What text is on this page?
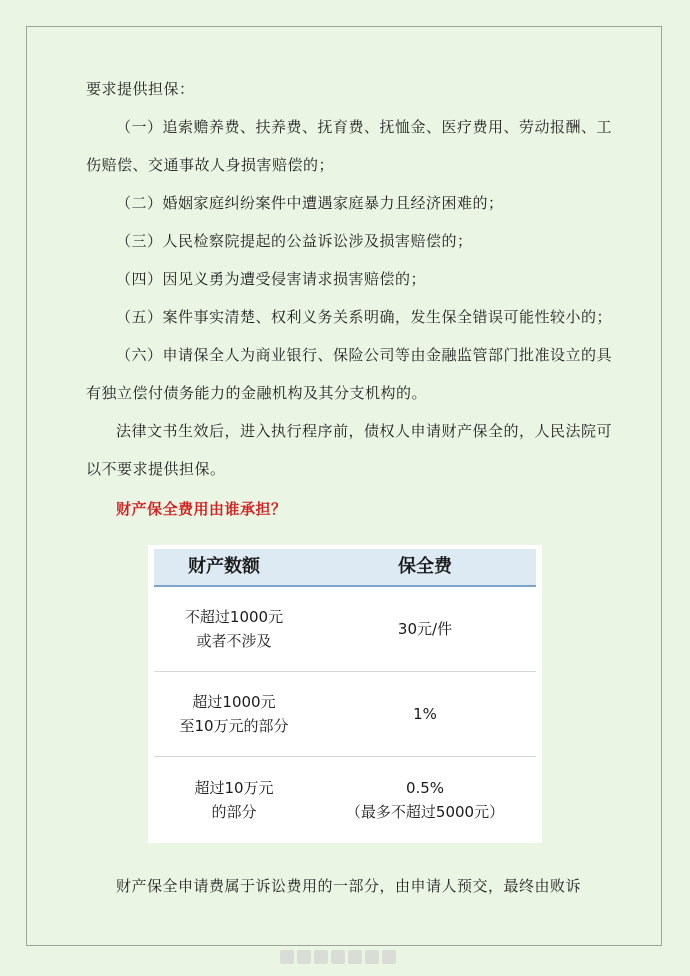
要求提供担保：

（一）追索赡养费、扶养费、抚育费、抚恤金、医疗费用、劳动报酬、工伤赔偿、交通事故人身损害赔偿的；

（二）婚姻家庭纠纷案件中遭遇家庭暴力且经济困难的；

（三）人民检察院提起的公益诉讼涉及损害赔偿的；

（四）因见义勇为遭受侵害请求损害赔偿的；

（五）案件事实清楚、权利义务关系明确，发生保全错误可能性较小的；

（六）申请保全人为商业银行、保险公司等由金融监管部门批准设立的具有独立偿付债务能力的金融机构及其分支机构的。

法律文书生效后，进入执行程序前，债权人申请财产保全的，人民法院可以不要求提供担保。

财产保全费用由谁承担？

财产数额	保全费
不超过1000元
或者不涉及
30元/件
超过1000元
至10万元的部分
1%
超过10万元
的部分
0.5%
（最多不超过5000元）

财产保全申请费属于诉讼费用的一部分，由申请人预交，最终由败诉
